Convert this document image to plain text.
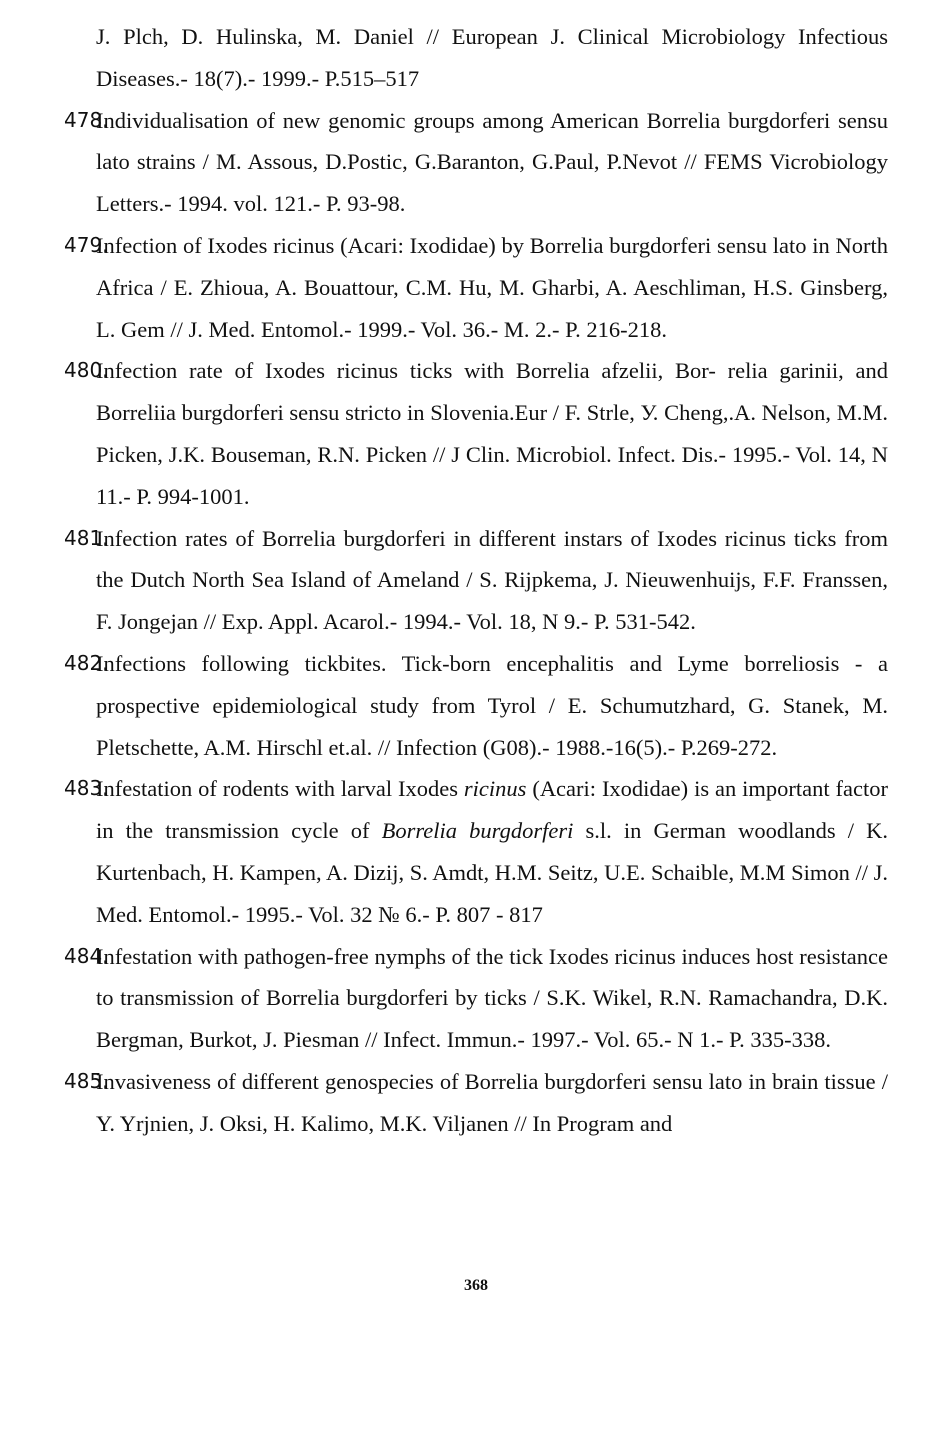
J. Plch, D. Hulinska, M. Daniel // European J. Clinical Microbiology Infectious Diseases.- 18(7).- 1999.- P.515–517
478.
Individualisation of new genomic groups among American Borrelia burgdorferi sensu lato strains / M. Assous, D.Postic, G.Baranton, G.Paul, P.Nevot // FEMS Vicrobiology Letters.- 1994. vol. 121.- P. 93-98.
479.
Infection of Ixodes ricinus (Acari: Ixodidae) by Borrelia burgdorferi sensu lato in North Africa / E. Zhioua, A. Bouattour, C.M. Hu, M. Gharbi, A. Aeschliman, H.S. Ginsberg, L. Gem // J. Med. Entomol.- 1999.- Vol. 36.- M. 2.- P. 216-218.
480.
Infection rate of Ixodes ricinus ticks with Borrelia afzelii, Bor- relia garinii, and Borreliia burgdorferi sensu stricto in Slovenia.Eur / F. Strle, У. Cheng,.A. Nelson, M.M. Picken, J.K. Bouseman, R.N. Picken // J Clin. Microbiol. Infect. Dis.- 1995.- Vol. 14, N 11.- P. 994-1001.
481.
Infection rates of Borrelia burgdorferi in different instars of Ixodes ricinus ticks from the Dutch North Sea Island of Ameland / S. Rijpkema, J. Nieuwenhuijs, F.F. Franssen, F. Jongejan // Exp. Appl. Acarol.- 1994.- Vol. 18, N 9.- P. 531-542.
482.
Infections following tickbites. Tick-born encephalitis and Lyme borreliosis - a prospective epidemiological study from Tyrol / E. Schumutzhard, G. Stanek, M. Pletschette, A.M. Hirschl et.al. // Infection (G08).- 1988.-16(5).- P.269-272.
483.
Infestation of rodents with larval Ixodes ricinus (Acari: Ixodidae) is an important factor in the transmission cycle of Borrelia burgdorferi s.l. in German woodlands / K. Kurtenbach, H. Kampen, A. Dizij, S. Amdt, H.M. Seitz, U.E. Schaible, M.M Simon // J. Med. Entomol.- 1995.- Vol. 32 № 6.- P. 807 - 817
484.
Infestation with pathogen-free nymphs of the tick Ixodes ricinus induces host resistance to transmission of Borrelia burgdorferi by ticks / S.K. Wikel, R.N. Ramachandra, D.K. Bergman, Burkot, J. Piesman // Infect. Immun.- 1997.- Vol. 65.- N 1.- P. 335-338.
485.
Invasiveness of different genospecies of Borrelia burgdorferi sensu lato in brain tissue / Y. Yrjnien, J. Oksi, H. Kalimo, M.K. Viljanen // In Program and
368
